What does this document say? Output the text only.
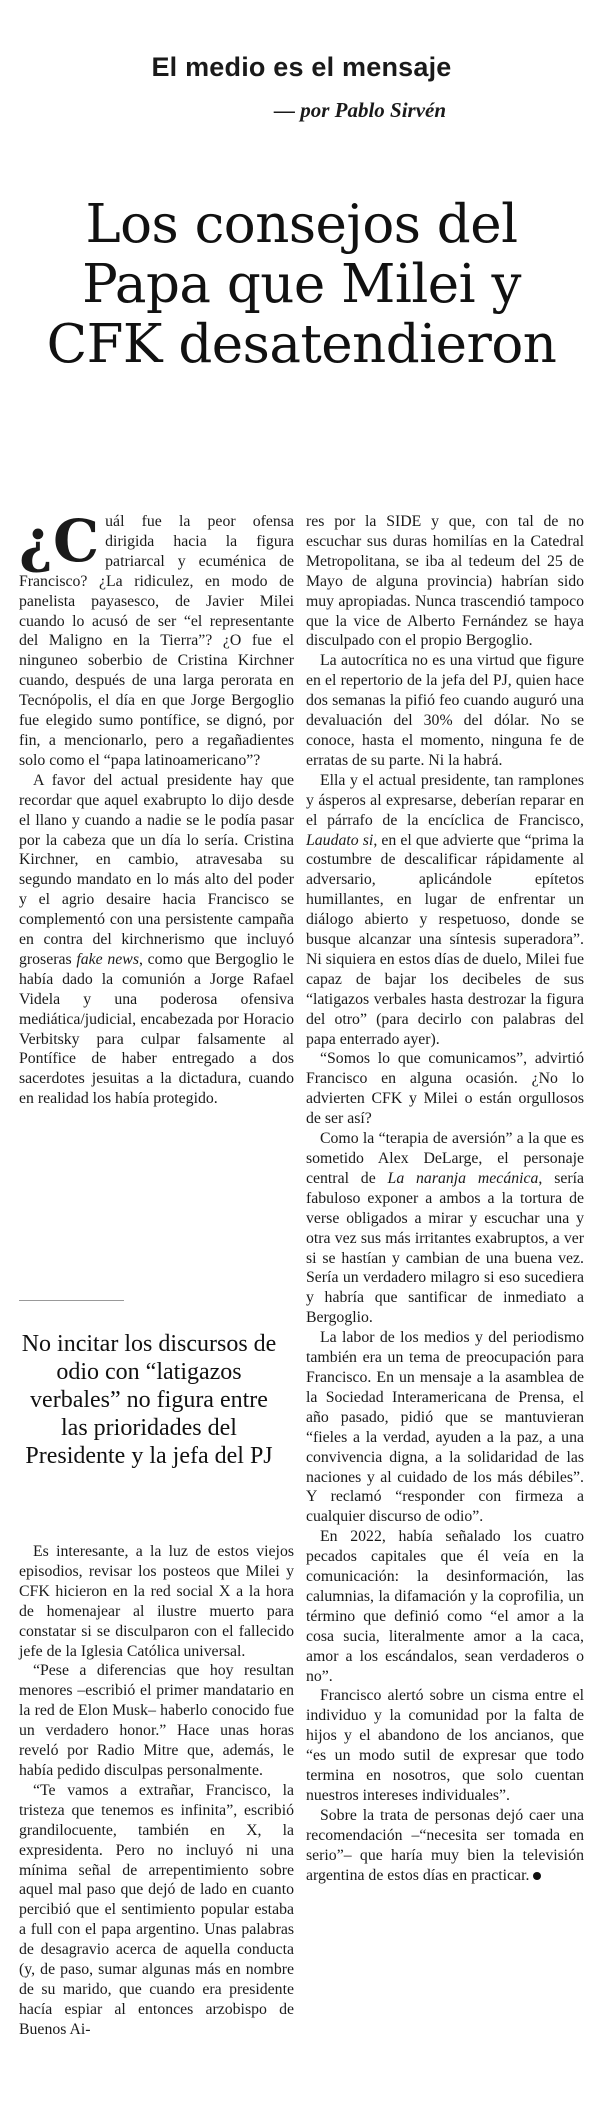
El medio es el mensaje
— por Pablo Sirvén
Los consejos del Papa que Milei y CFK desatendieron

¿C uál fue la peor ofensa dirigida hacia la figura patriarcal y ecuménica de Francisco? ¿La ridiculez, en modo de panelista payasesco, de Javier Milei cuando lo acusó de ser “el representante del Maligno en la Tierra”? ¿O fue el ninguneo soberbio de Cristina Kirchner cuando, después de una larga perorata en Tecnópolis, el día en que Jorge Bergoglio fue elegido sumo pontífice, se dignó, por fin, a mencionarlo, pero a regañadientes solo como el “papa latinoamericano”?

A favor del actual presidente hay que recordar que aquel exabrupto lo dijo desde el llano y cuando a nadie se le podía pasar por la cabeza que un día lo sería. Cristina Kirchner, en cambio, atravesaba su segundo mandato en lo más alto del poder y el agrio desaire hacia Francisco se complementó con una persistente campaña en contra del kirchnerismo que incluyó groseras fake news, como que Bergoglio le había dado la comunión a Jorge Rafael Videla y una poderosa ofensiva mediática/judicial, encabezada por Horacio Verbitsky para culpar falsamente al Pontífice de haber entregado a dos sacerdotes jesuitas a la dictadura, cuando en realidad los había protegido.

No incitar los discursos de odio con “latigazos verbales” no figura entre las prioridades del Presidente y la jefa del PJ

Es interesante, a la luz de estos viejos episodios, revisar los posteos que Milei y CFK hicieron en la red social X a la hora de homenajear al ilustre muerto para constatar si se disculparon con el fallecido jefe de la Iglesia Católica universal.

“Pese a diferencias que hoy resultan menores –escribió el primer mandatario en la red de Elon Musk– haberlo conocido fue un verdadero honor.” Hace unas horas reveló por Radio Mitre que, además, le había pedido disculpas personalmente.

“Te vamos a extrañar, Francisco, la tristeza que tenemos es infinita”, escribió grandilocuente, también en X, la expresidenta. Pero no incluyó ni una mínima señal de arrepentimiento sobre aquel mal paso que dejó de lado en cuanto percibió que el sentimiento popular estaba a full con el papa argentino. Unas palabras de desagravio acerca de aquella conducta (y, de paso, sumar algunas más en nombre de su marido, que cuando era presidente hacía espiar al entonces arzobispo de Buenos Ai-

res por la SIDE y que, con tal de no escuchar sus duras homilías en la Catedral Metropolitana, se iba al tedeum del 25 de Mayo de alguna provincia) habrían sido muy apropiadas. Nunca trascendió tampoco que la vice de Alberto Fernández se haya disculpado con el propio Bergoglio.

La autocrítica no es una virtud que figure en el repertorio de la jefa del PJ, quien hace dos semanas la pifió feo cuando auguró una devaluación del 30% del dólar. No se conoce, hasta el momento, ninguna fe de erratas de su parte. Ni la habrá.

Ella y el actual presidente, tan ramplones y ásperos al expresarse, deberían reparar en el párrafo de la encíclica de Francisco, Laudato si, en el que advierte que “prima la costumbre de descalificar rápidamente al adversario, aplicándole epítetos humillantes, en lugar de enfrentar un diálogo abierto y respetuoso, donde se busque alcanzar una síntesis superadora”. Ni siquiera en estos días de duelo, Milei fue capaz de bajar los decibeles de sus “latigazos verbales hasta destrozar la figura del otro” (para decirlo con palabras del papa enterrado ayer).

“Somos lo que comunicamos”, advirtió Francisco en alguna ocasión. ¿No lo advierten CFK y Milei o están orgullosos de ser así?

Como la “terapia de aversión” a la que es sometido Alex DeLarge, el personaje central de La naranja mecánica, sería fabuloso exponer a ambos a la tortura de verse obligados a mirar y escuchar una y otra vez sus más irritantes exabruptos, a ver si se hastían y cambian de una buena vez. Sería un verdadero milagro si eso sucediera y habría que santificar de inmediato a Bergoglio.

La labor de los medios y del periodismo también era un tema de preocupación para Francisco. En un mensaje a la asamblea de la Sociedad Interamericana de Prensa, el año pasado, pidió que se mantuvieran “fieles a la verdad, ayuden a la paz, a una convivencia digna, a la solidaridad de las naciones y al cuidado de los más débiles”. Y reclamó “responder con firmeza a cualquier discurso de odio”.

En 2022, había señalado los cuatro pecados capitales que él veía en la comunicación: la desinformación, las calumnias, la difamación y la coprofilia, un término que definió como “el amor a la cosa sucia, literalmente amor a la caca, amor a los escándalos, sean verdaderos o no”.

Francisco alertó sobre un cisma entre el individuo y la comunidad por la falta de hijos y el abandono de los ancianos, que “es un modo sutil de expresar que todo termina en nosotros, que solo cuentan nuestros intereses individuales”.

Sobre la trata de personas dejó caer una recomendación –“necesita ser tomada en serio”– que haría muy bien la televisión argentina de estos días en practicar.
